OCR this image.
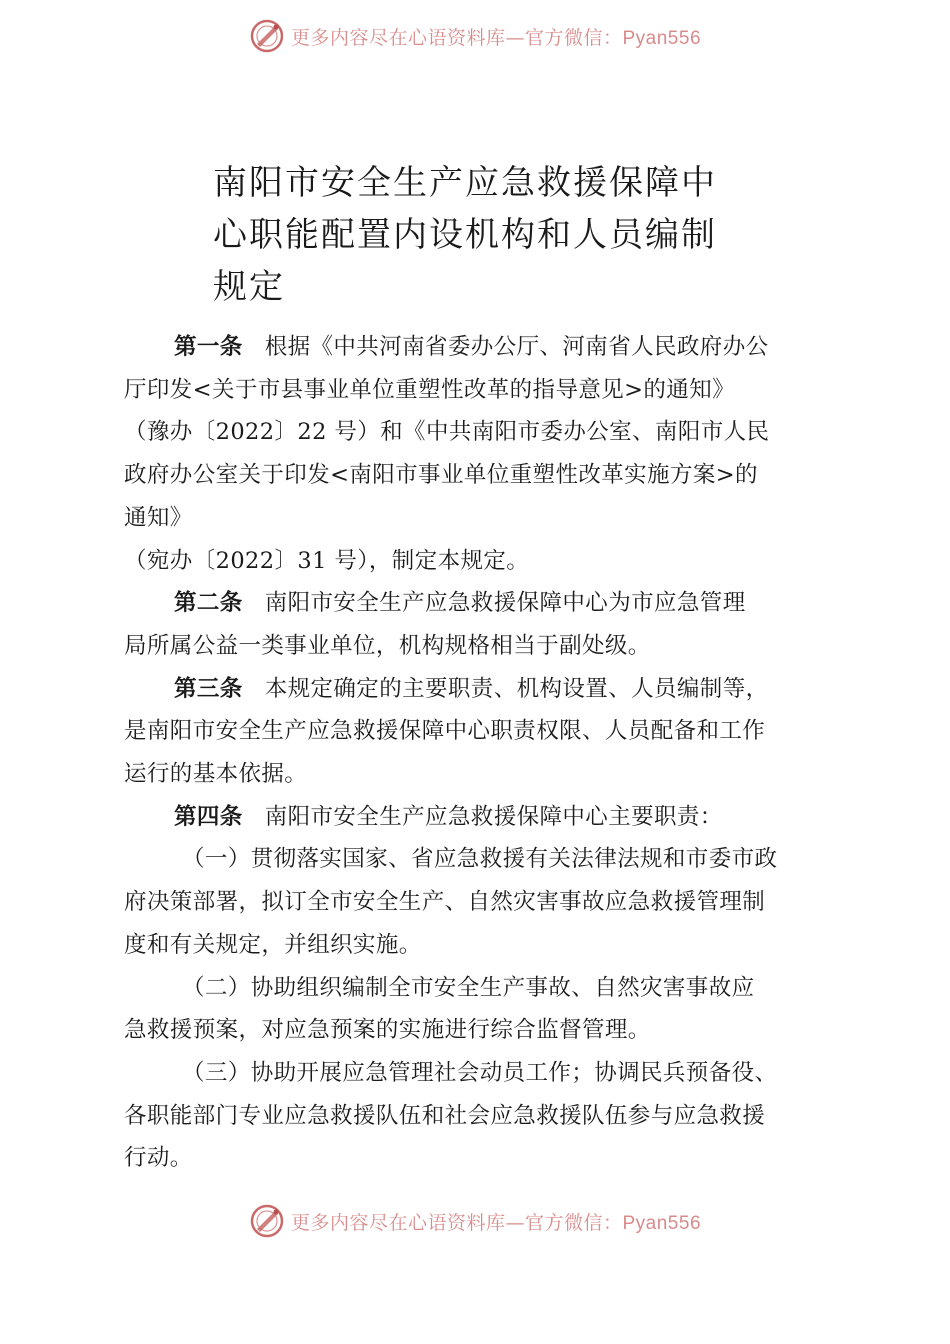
更多内容尽在心语资料库—官方微信：Pyan556
南阳市安全生产应急救援保障中
心职能配置内设机构和人员编制
规定

第一条 根据《中共河南省委办公厅、河南省人民政府办公

厅印发<关于市县事业单位重塑性改革的指导意见>的通知》

（豫办〔2022〕22 号）和《中共南阳市委办公室、南阳市人民

政府办公室关于印发<南阳市事业单位重塑性改革实施方案>的

通知》

（宛办〔2022〕31 号），制定本规定。

第二条 南阳市安全生产应急救援保障中心为市应急管理

局所属公益一类事业单位，机构规格相当于副处级。

第三条 本规定确定的主要职责、机构设置、人员编制等，

是南阳市安全生产应急救援保障中心职责权限、人员配备和工作

运行的基本依据。

第四条 南阳市安全生产应急救援保障中心主要职责：

（一）贯彻落实国家、省应急救援有关法律法规和市委市政

府决策部署，拟订全市安全生产、自然灾害事故应急救援管理制

度和有关规定，并组织实施。

（二）协助组织编制全市安全生产事故、自然灾害事故应

急救援预案，对应急预案的实施进行综合监督管理。

（三）协助开展应急管理社会动员工作；协调民兵预备役、

各职能部门专业应急救援队伍和社会应急救援队伍参与应急救援

行动。

更多内容尽在心语资料库—官方微信：Pyan556
